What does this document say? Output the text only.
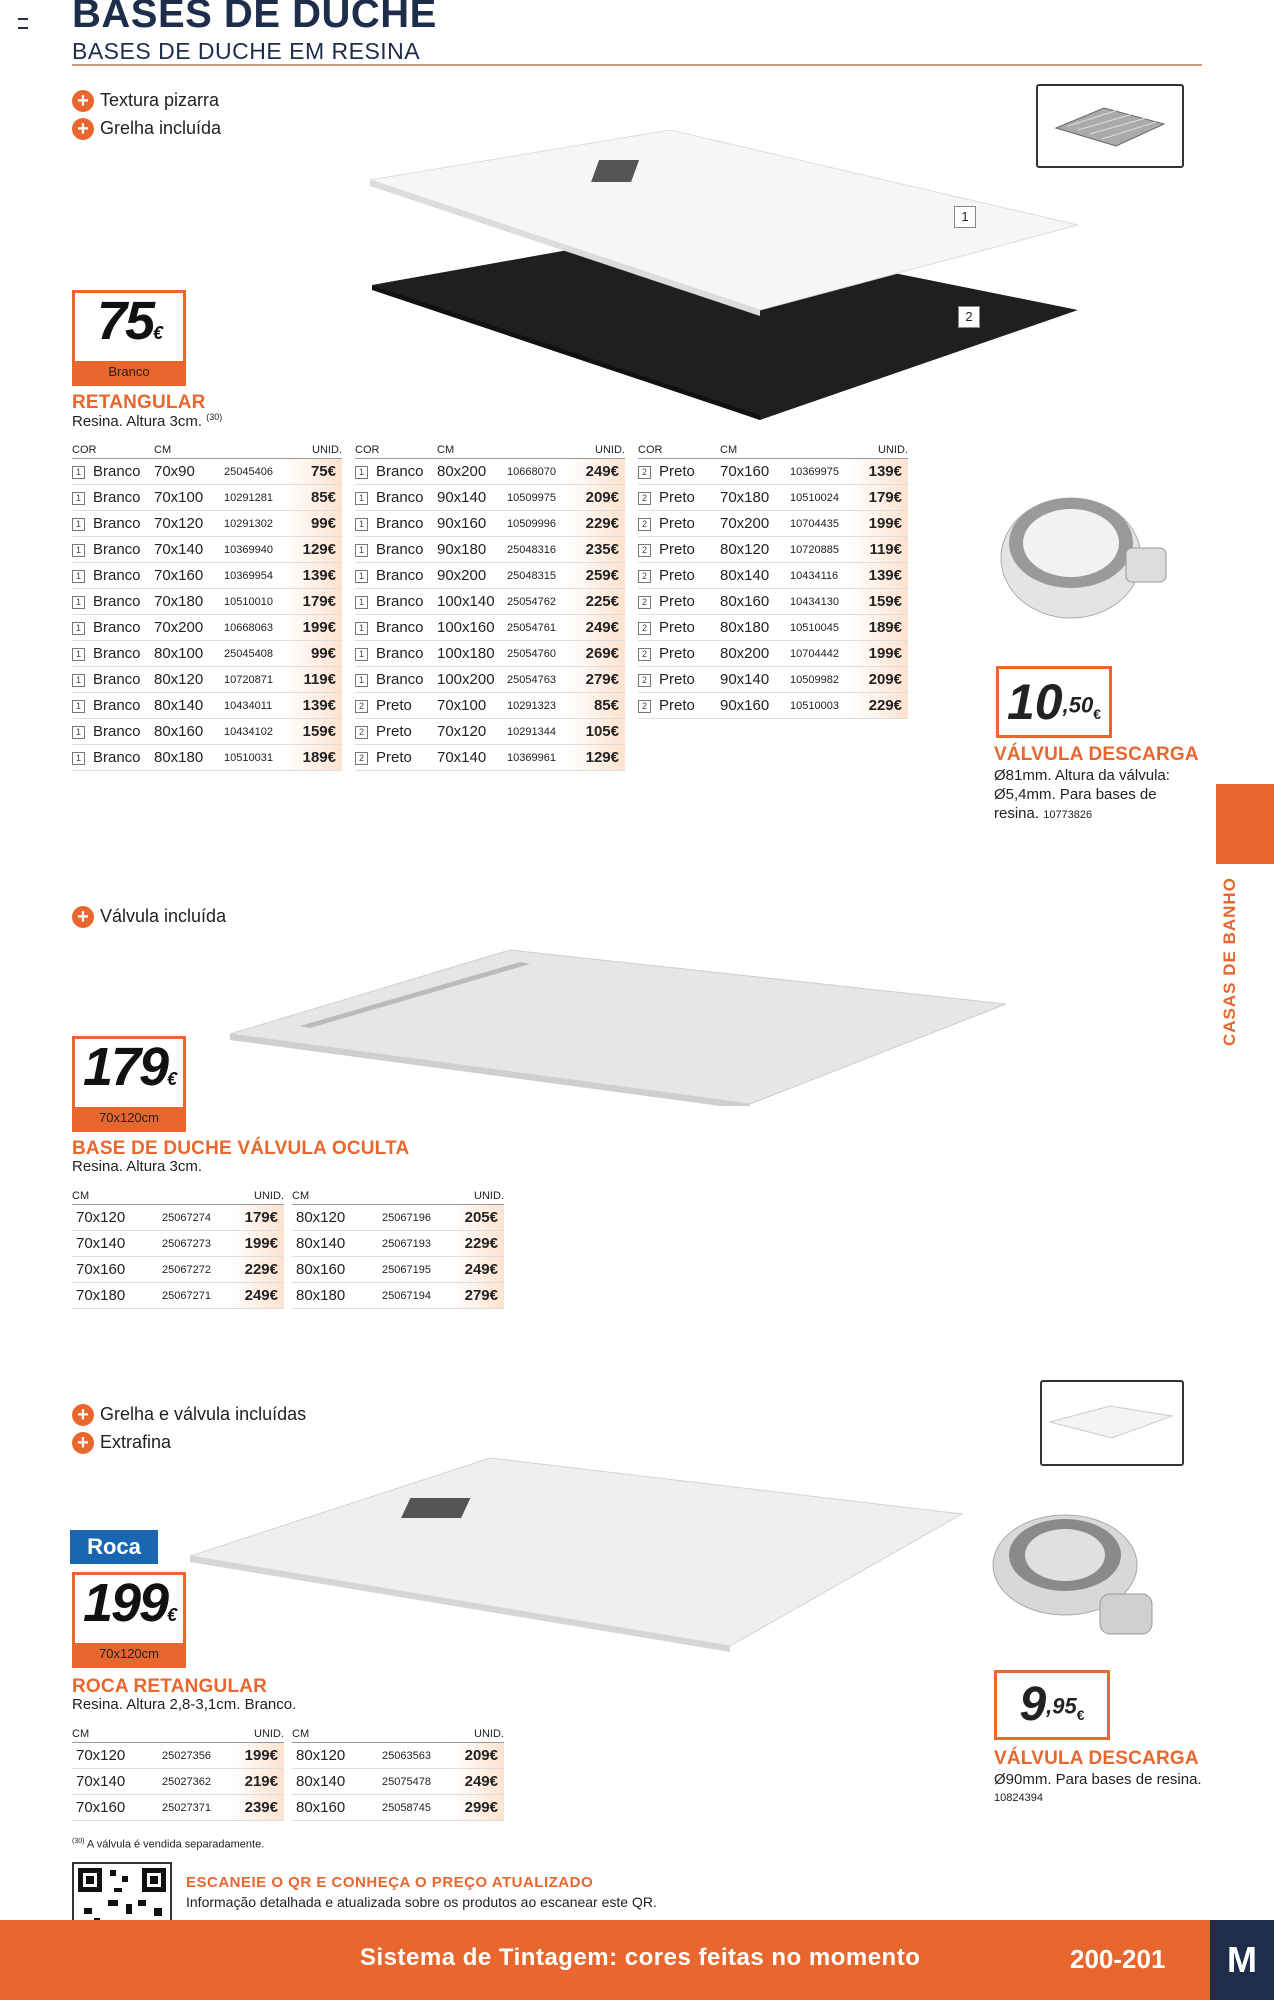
BASES DE DUCHE
BASES DE DUCHE EM RESINA
+ Textura pizarra
+ Grelha incluída
1
2
75€
Branco
RETANGULAR
Resina. Altura 3cm. $^{(30)}$
COR	CM		UNID.
1 Branco	70x90	25045406	75€
1 Branco	70x100	10291281	85€
1 Branco	70x120	10291302	99€
1 Branco	70x140	10369940	129€
1 Branco	70x160	10369954	139€
1 Branco	70x180	10510010	179€
1 Branco	70x200	10668063	199€
1 Branco	80x100	25045408	99€
1 Branco	80x120	10720871	119€
1 Branco	80x140	10434011	139€
1 Branco	80x160	10434102	159€
1 Branco	80x180	10510031	189€
COR	CM		UNID.
1 Branco	80x200	10668070	249€
1 Branco	90x140	10509975	209€
1 Branco	90x160	10509996	229€
1 Branco	90x180	25048316	235€
1 Branco	90x200	25048315	259€
1 Branco	100x140	25054762	225€
1 Branco	100x160	25054761	249€
1 Branco	100x180	25054760	269€
1 Branco	100x200	25054763	279€
2 Preto	70x100	10291323	85€
2 Preto	70x120	10291344	105€
2 Preto	70x140	10369961	129€
COR	CM		UNID.
2 Preto	70x160	10369975	139€
2 Preto	70x180	10510024	179€
2 Preto	70x200	10704435	199€
2 Preto	80x120	10720885	119€
2 Preto	80x140	10434116	139€
2 Preto	80x160	10434130	159€
2 Preto	80x180	10510045	189€
2 Preto	80x200	10704442	199€
2 Preto	90x140	10509982	209€
2 Preto	90x160	10510003	229€ $10^{,50}€$
VÁLVULA DESCARGA
Ø81mm. Altura da válvula:
Ø5,4mm. Para bases de
resina. 10773826
CASAS DE BANHO
+ Válvula incluída
179€
70x120cm
BASE DE DUCHE VÁLVULA OCULTA
Resina. Altura 3cm.
CM		UNID.
70x120	25067274	179€
70x140	25067273	199€
70x160	25067272	229€
70x180	25067271	249€
CM		UNID.
80x120	25067196	205€
80x140	25067193	229€
80x160	25067195	249€
80x180	25067194	279€
+ Grelha e válvula incluídas
+ Extrafina
Roca
199€
70x120cm
ROCA RETANGULAR
Resina. Altura 2,8-3,1cm. Branco.
CM		UNID.
70x120	25027356	199€
70x140	25027362	219€
70x160	25027371	239€
CM		UNID.
80x120	25063563	209€
80x140	25075478	249€
80x160	25058745	299€
$9^{,95}€$
VÁLVULA DESCARGA
Ø90mm. Para bases de resina.
10824394
$^{(30)}$ A válvula é vendida separadamente.
ESCANEIE O QR E CONHEÇA O PREÇO ATUALIZADO
Informação detalhada e atualizada sobre os produtos ao escanear este QR.
Sistema de Tintagem: cores feitas no momento	200-201	M
